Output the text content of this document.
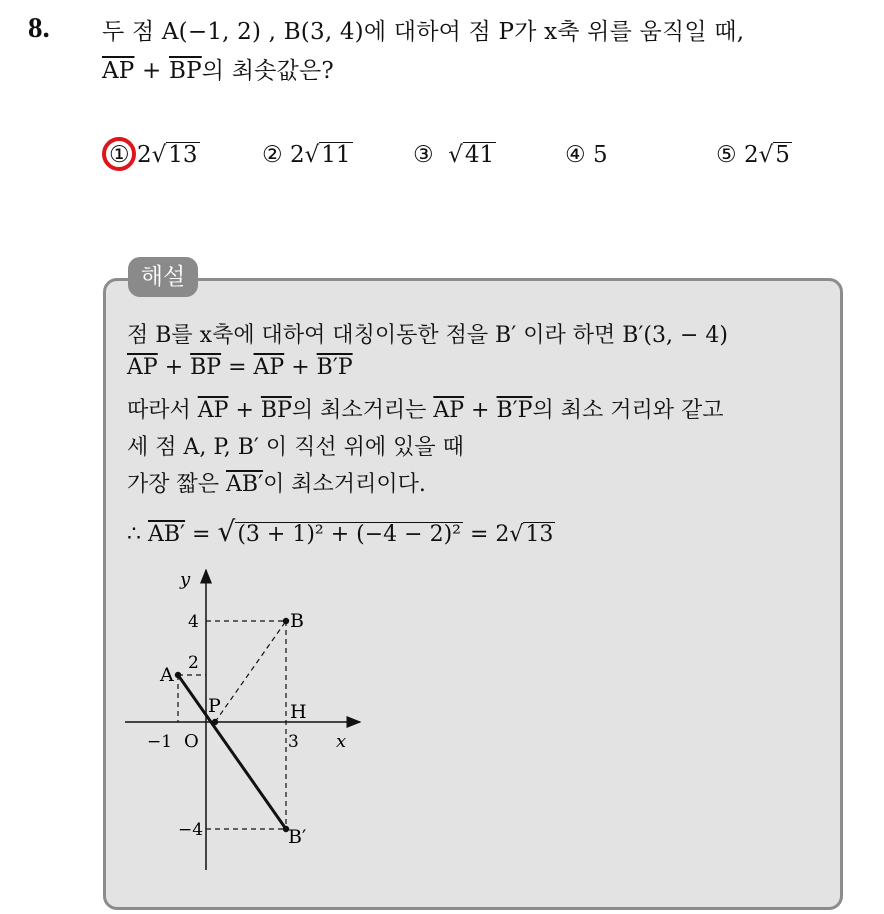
8. 두 점 A(−1, 2) , B(3, 4)에 대하여 점 P가 x축 위를 움직일 때,
$\overline{AP} + \overline{BP}$의 최솟값은?
① 2√13	② 2√11	③  √41	④ 5	⑤ 2√5
해설
점 B를 x축에 대하여 대칭이동한 점을 B′ 이라 하면 B′(3, − 4)
$\overline{AP} + \overline{BP} = \overline{AP} + B'P$
따라서 $\overline{AP} + \overline{BP}$의 최소거리는 $\overline{AP} + B'P$의 최소 거리와 같고
세 점 A, P, B′ 이 직선 위에 있을 때
가장 짧은 AB′이 최소거리이다.
∴ AB′ = √(3 + 1)² + (−4 − 2)² = 2√13
y
x
O
4
2
−4
−1	3
A
B
P	H
B′
